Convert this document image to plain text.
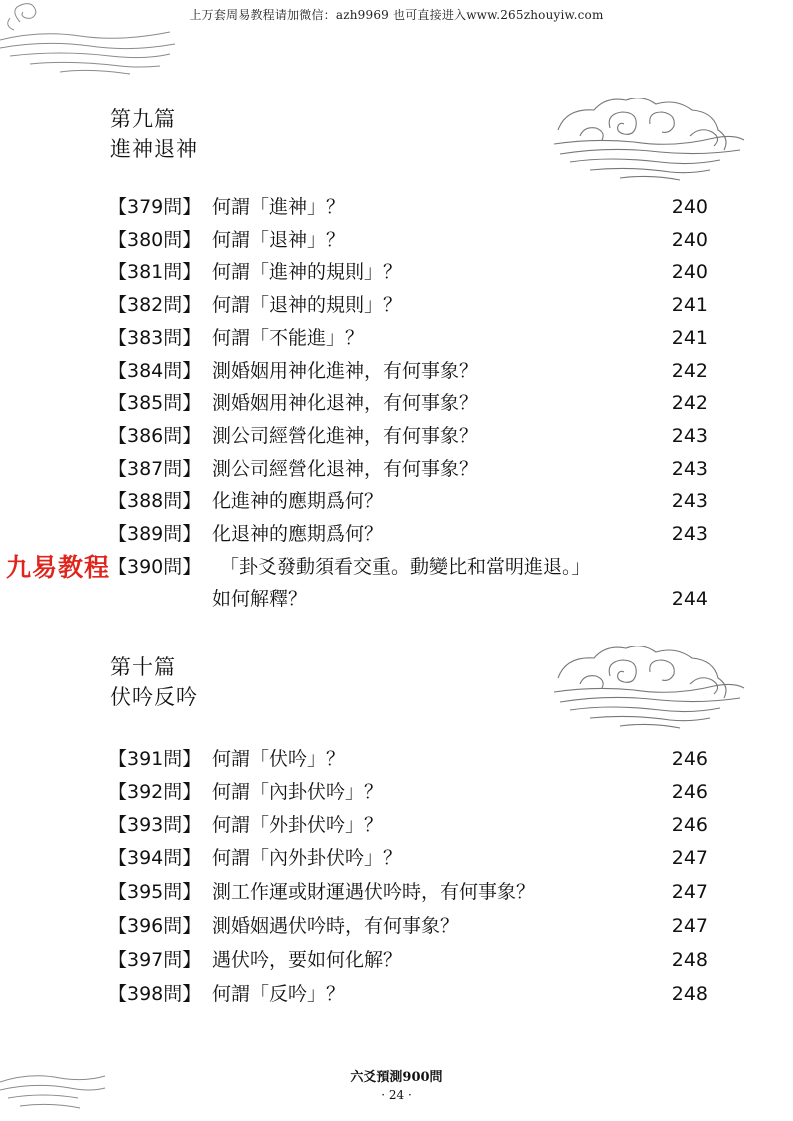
上万套周易教程请加微信：azh9969 也可直接进入www.265zhouyiw.com
第九篇
進神退神
【379問】 何謂「進神」？	240
【380問】 何謂「退神」？	240
【381問】 何謂「進神的規則」？	240
【382問】 何謂「退神的規則」？	241
【383問】 何謂「不能進」？	241
【384問】 測婚姻用神化進神，有何事象？	242
【385問】 測婚姻用神化退神，有何事象？	242
【386問】 測公司經營化進神，有何事象？	243
【387問】 測公司經營化退神，有何事象？	243
【388問】 化進神的應期爲何？	243
【389問】 化退神的應期爲何？	243
【390問】 「卦爻發動須看交重。動變比和當明進退。」
如何解釋？	244
九易教程
第十篇
伏吟反吟
【391問】 何謂「伏吟」？	246
【392問】 何謂「內卦伏吟」？	246
【393問】 何謂「外卦伏吟」？	246
【394問】 何謂「內外卦伏吟」？	247
【395問】 測工作運或財運遇伏吟時，有何事象？	247
【396問】 測婚姻遇伏吟時，有何事象？	247
【397問】 遇伏吟，要如何化解？	248
【398問】 何謂「反吟」？	248
六爻預測900問
· 24 ·
